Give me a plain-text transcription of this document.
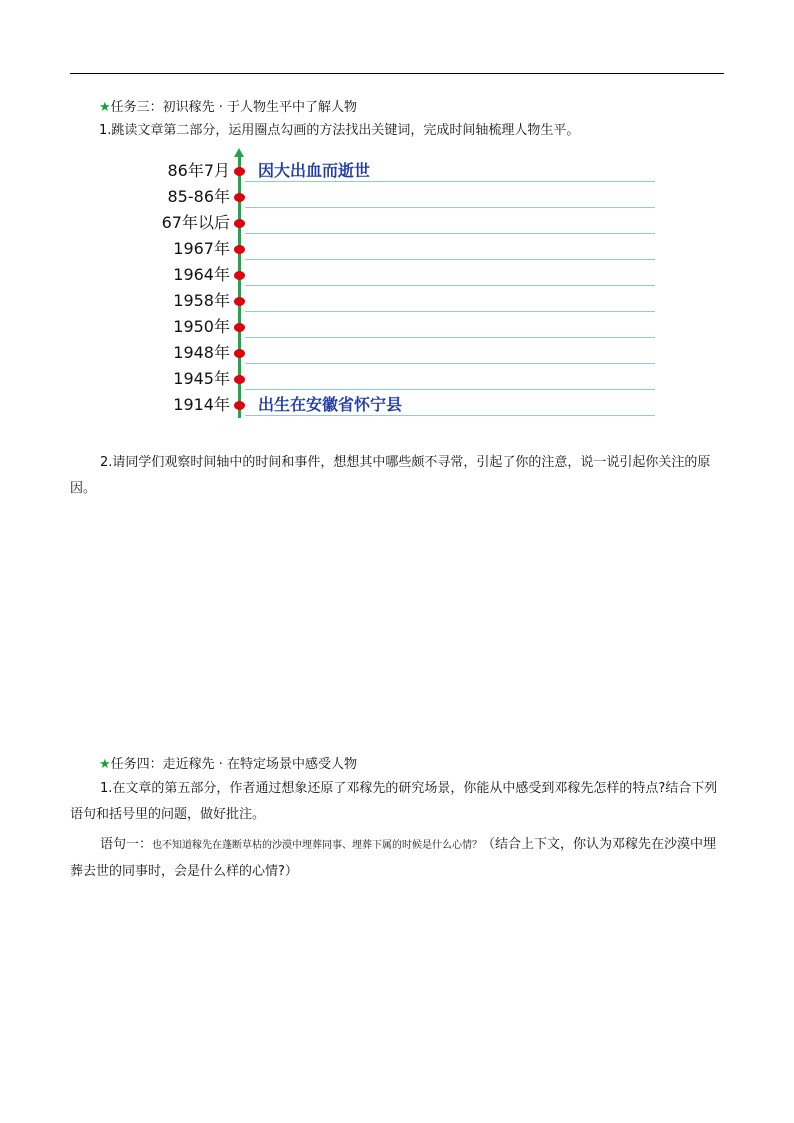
★任务三：初识稼先 · 于人物生平中了解人物
1.跳读文章第二部分，运用圈点勾画的方法找出关键词，完成时间轴梳理人物生平。
86年7月 因大出血而逝世
85-86年
67年以后
1967年
1964年
1958年
1950年
1948年
1945年
1914年 出生在安徽省怀宁县
2.请同学们观察时间轴中的时间和事件，想想其中哪些颇不寻常，引起了你的注意，说一说引起你关注的原因。
★任务四：走近稼先 · 在特定场景中感受人物
1.在文章的第五部分，作者通过想象还原了邓稼先的研究场景，你能从中感受到邓稼先怎样的特点?结合下列语句和括号里的问题，做好批注。
语句一：也不知道稼先在蓬断草枯的沙漠中埋葬同事、埋葬下属的时候是什么心情？（结合上下文，你认为邓稼先在沙漠中埋葬去世的同事时，会是什么样的心情?）
